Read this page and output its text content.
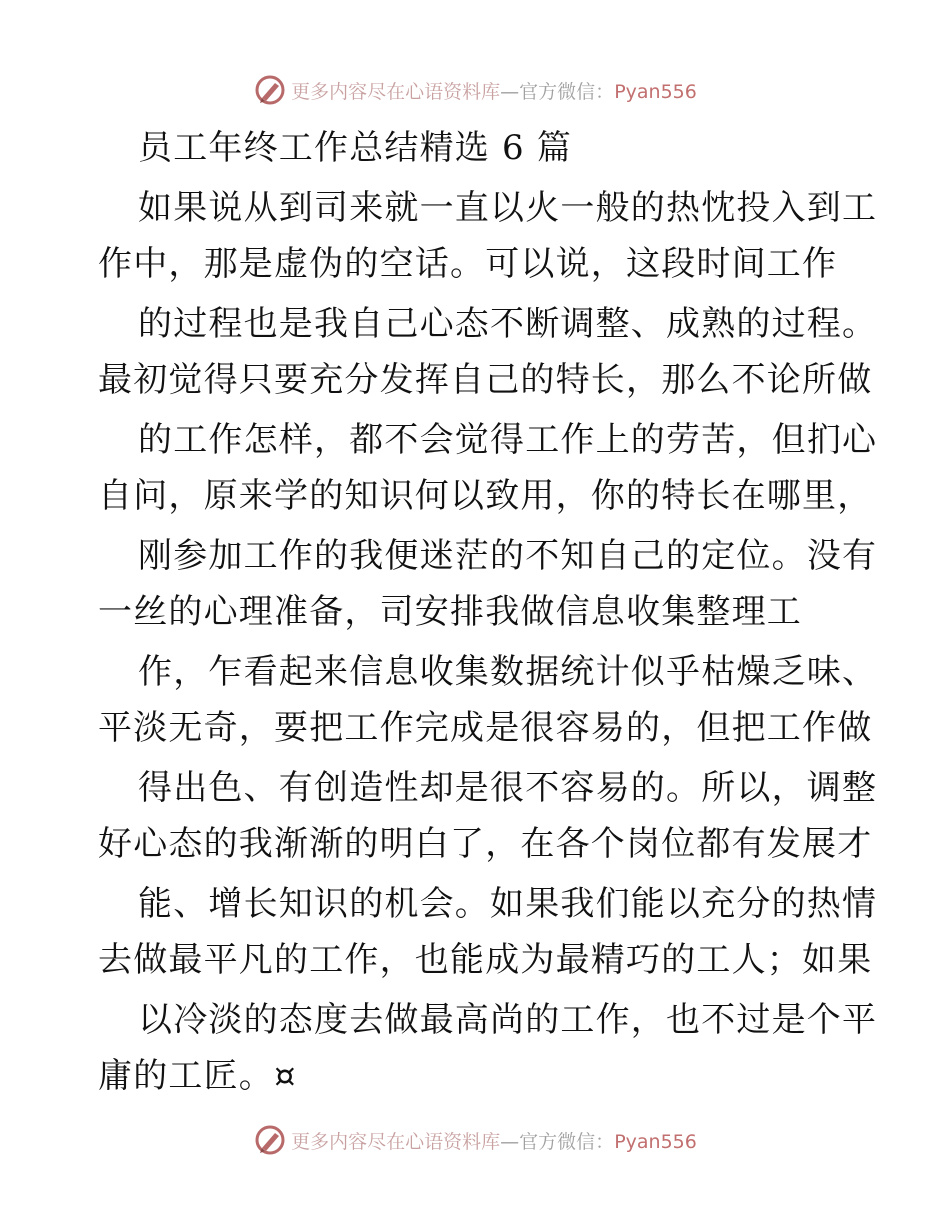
更多内容尽在心语资料库—官方微信：Pyan556
员工年终工作总结精选 6 篇
如果说从到司来就一直以火一般的热忱投入到工
作中，那是虚伪的空话。可以说，这段时间工作
的过程也是我自己心态不断调整、成熟的过程。
最初觉得只要充分发挥自己的特长，那么不论所做
的工作怎样，都不会觉得工作上的劳苦，但扪心
自问，原来学的知识何以致用，你的特长在哪里，
刚参加工作的我便迷茫的不知自己的定位。没有
一丝的心理准备，司安排我做信息收集整理工
作，乍看起来信息收集数据统计似乎枯燥乏味、
平淡无奇，要把工作完成是很容易的，但把工作做
得出色、有创造性却是很不容易的。所以，调整
好心态的我渐渐的明白了，在各个岗位都有发展才
能、增长知识的机会。如果我们能以充分的热情
去做最平凡的工作，也能成为最精巧的工人；如果
以冷淡的态度去做最高尚的工作，也不过是个平
庸的工匠。¤
更多内容尽在心语资料库—官方微信：Pyan556
